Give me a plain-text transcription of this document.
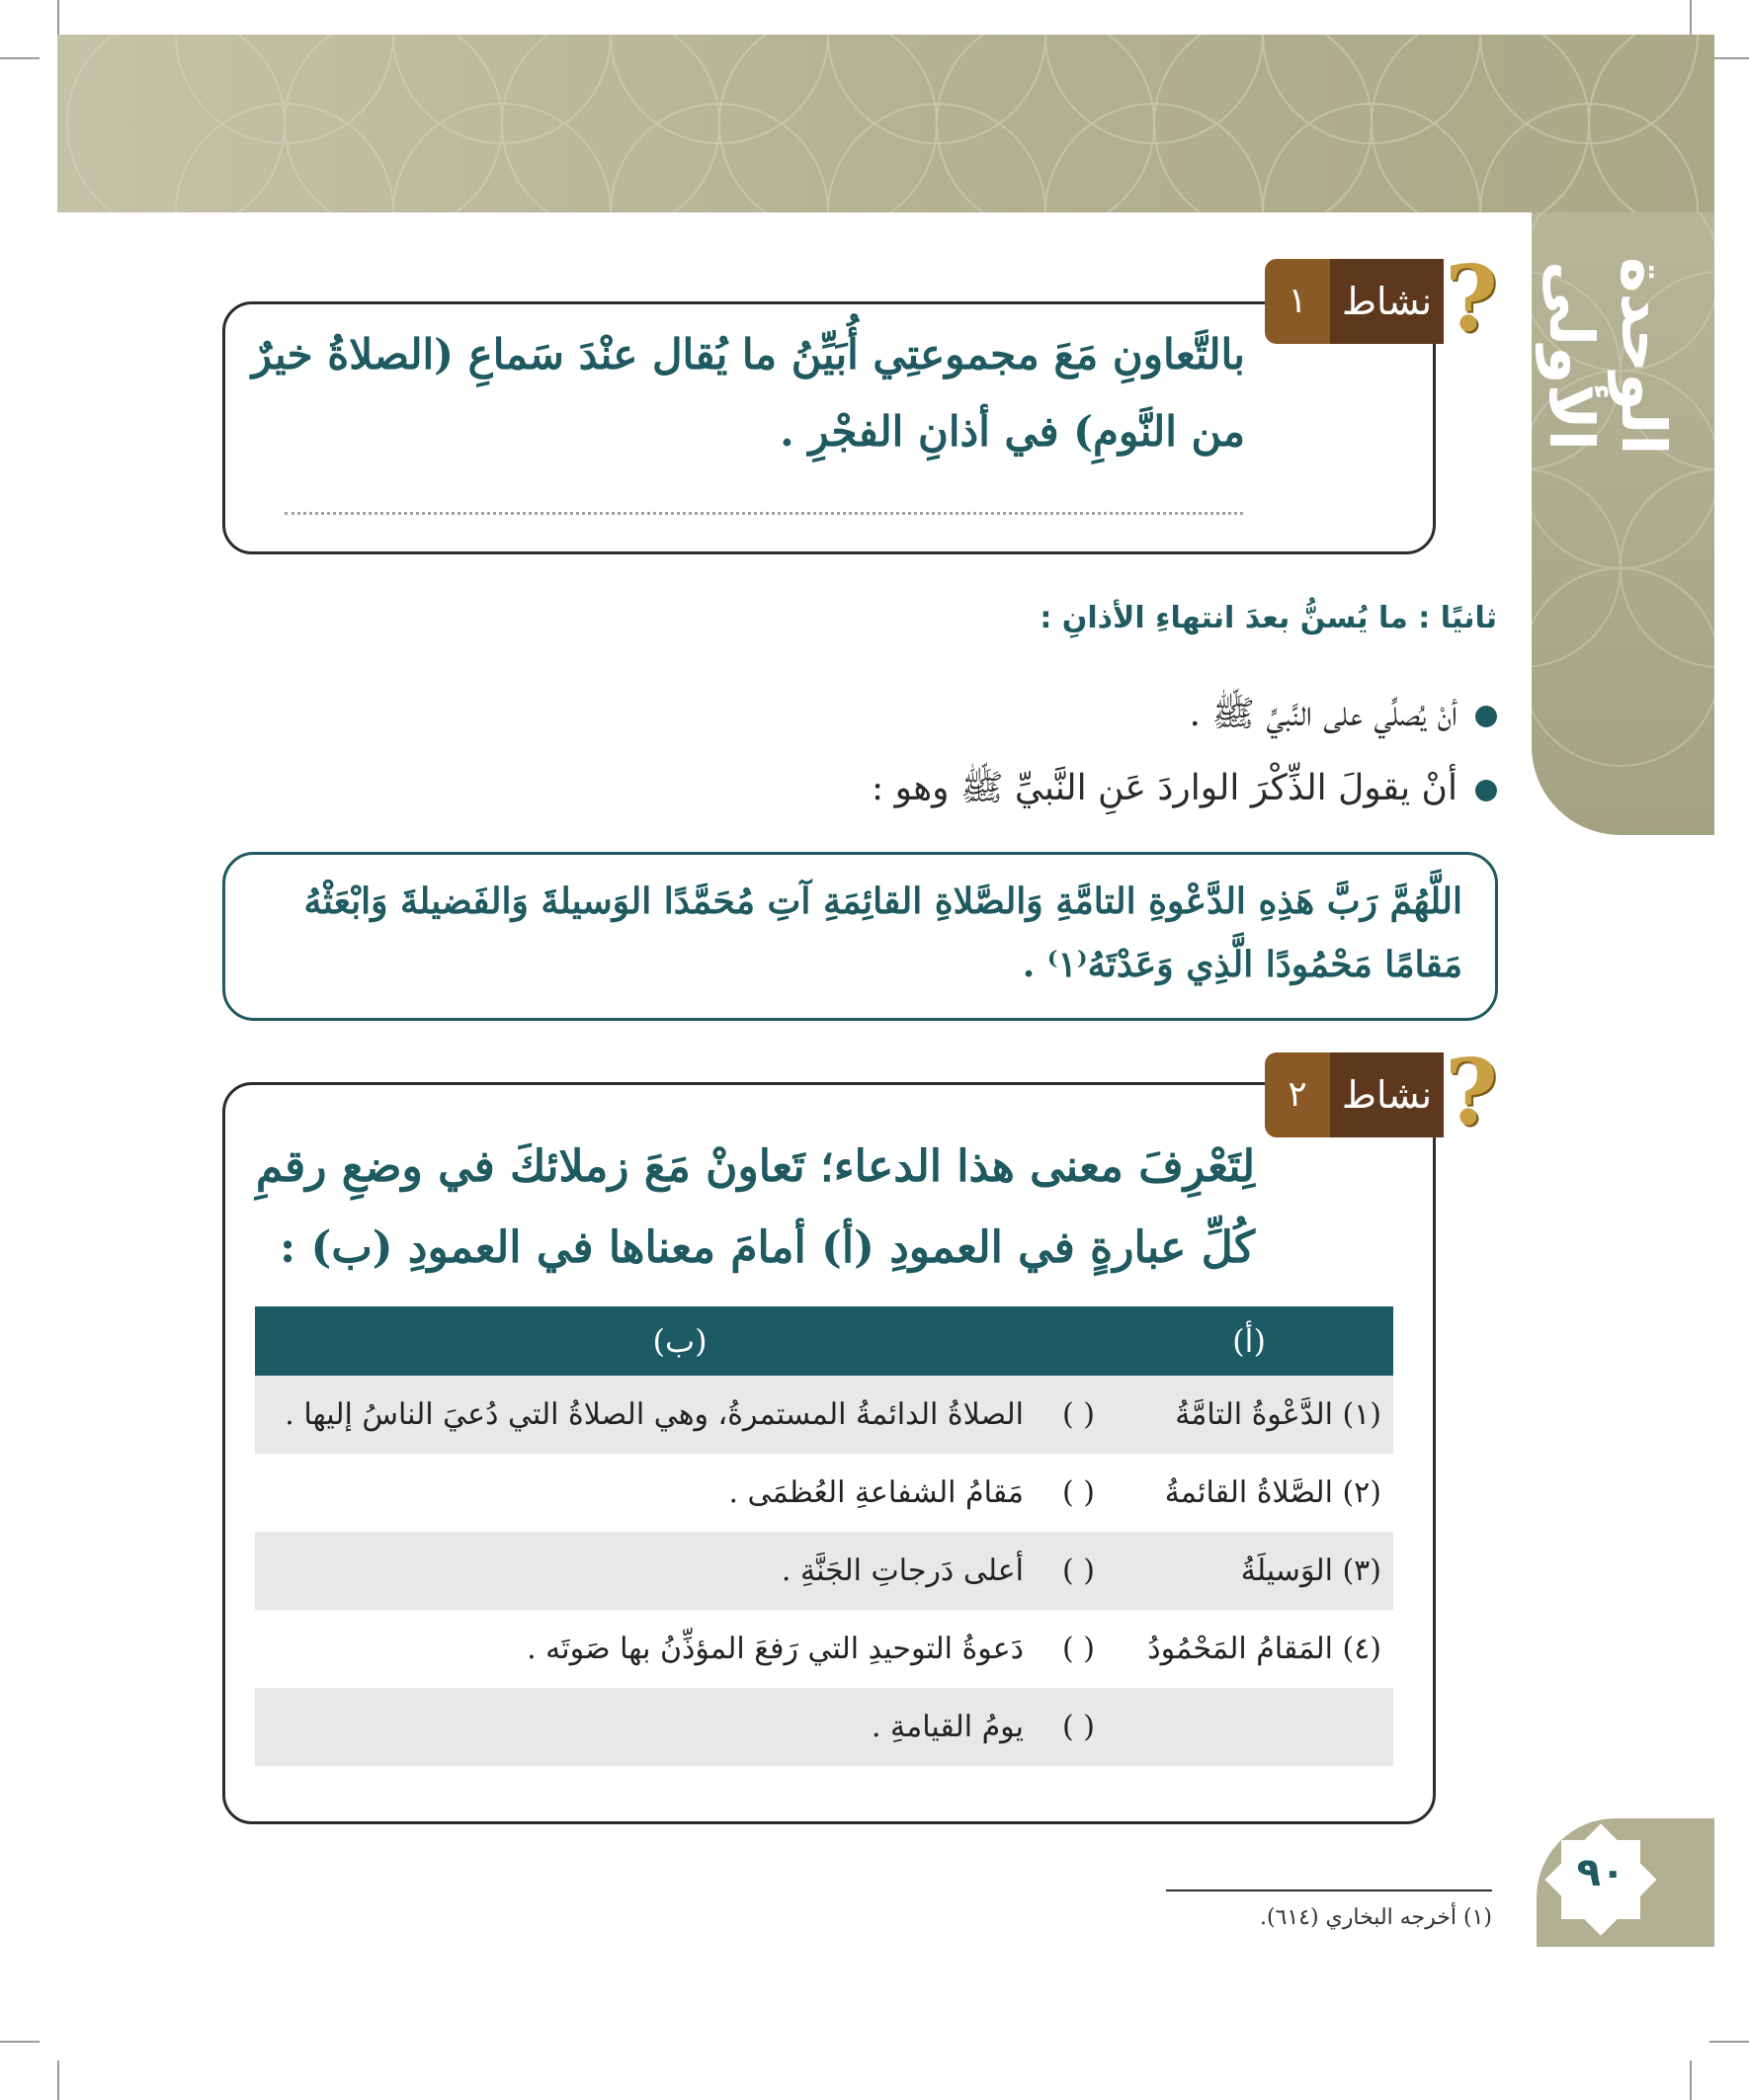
الوحدة الأولى
١ نشاط ?
بالتَّعاونِ مَعَ مجموعتِي أُبَيِّنُ ما يُقال عنْدَ سَماعِ (الصلاةُ خيرٌ من النَّومِ) في أذانِ الفجْرِ .
ثانيًا : ما يُسنُّ بعدَ انتهاءِ الأذانِ :
أنْ يُصلِّي على النَّبيِّ ﷺ .
أنْ يقولَ الذِّكْرَ الواردَ عَنِ النَّبيِّ ﷺ وهو :
اللَّهُمَّ رَبَّ هَذِهِ الدَّعْوةِ التامَّةِ وَالصَّلاةِ القائِمَةِ آتِ مُحَمَّدًا الوَسيلةَ وَالفَضيلةَ وَابْعَثْهُ مَقامًا مَحْمُودًا الَّذِي وَعَدْتَهُ⁽١⁾ .
٢ نشاط ?
لِتَعْرِفَ معنى هذا الدعاء؛ تَعاونْ مَعَ زملائكَ في وضعِ رقمِ كُلِّ عبارةٍ في العمودِ (أ) أمامَ معناها في العمودِ (ب) :
(أ)	(ب)
(١) الدَّعْوةُ التامَّةُ	( )الصلاةُ الدائمةُ المستمرةُ، وهي الصلاةُ التي دُعيَ الناسُ إليها .
(٢) الصَّلاةُ القائمةُ	( )مَقامُ الشفاعةِ العُظمَى .
(٣) الوَسيلَةُ	( )أعلى دَرجاتِ الجَنَّةِ .
(٤) المَقامُ المَحْمُودُ	( )دَعوةُ التوحيدِ التي رَفعَ المؤذِّنُ بها صَوتَه .
	( )يومُ القيامةِ .
٩٠
(١) أخرجه البخاري (٦١٤).
